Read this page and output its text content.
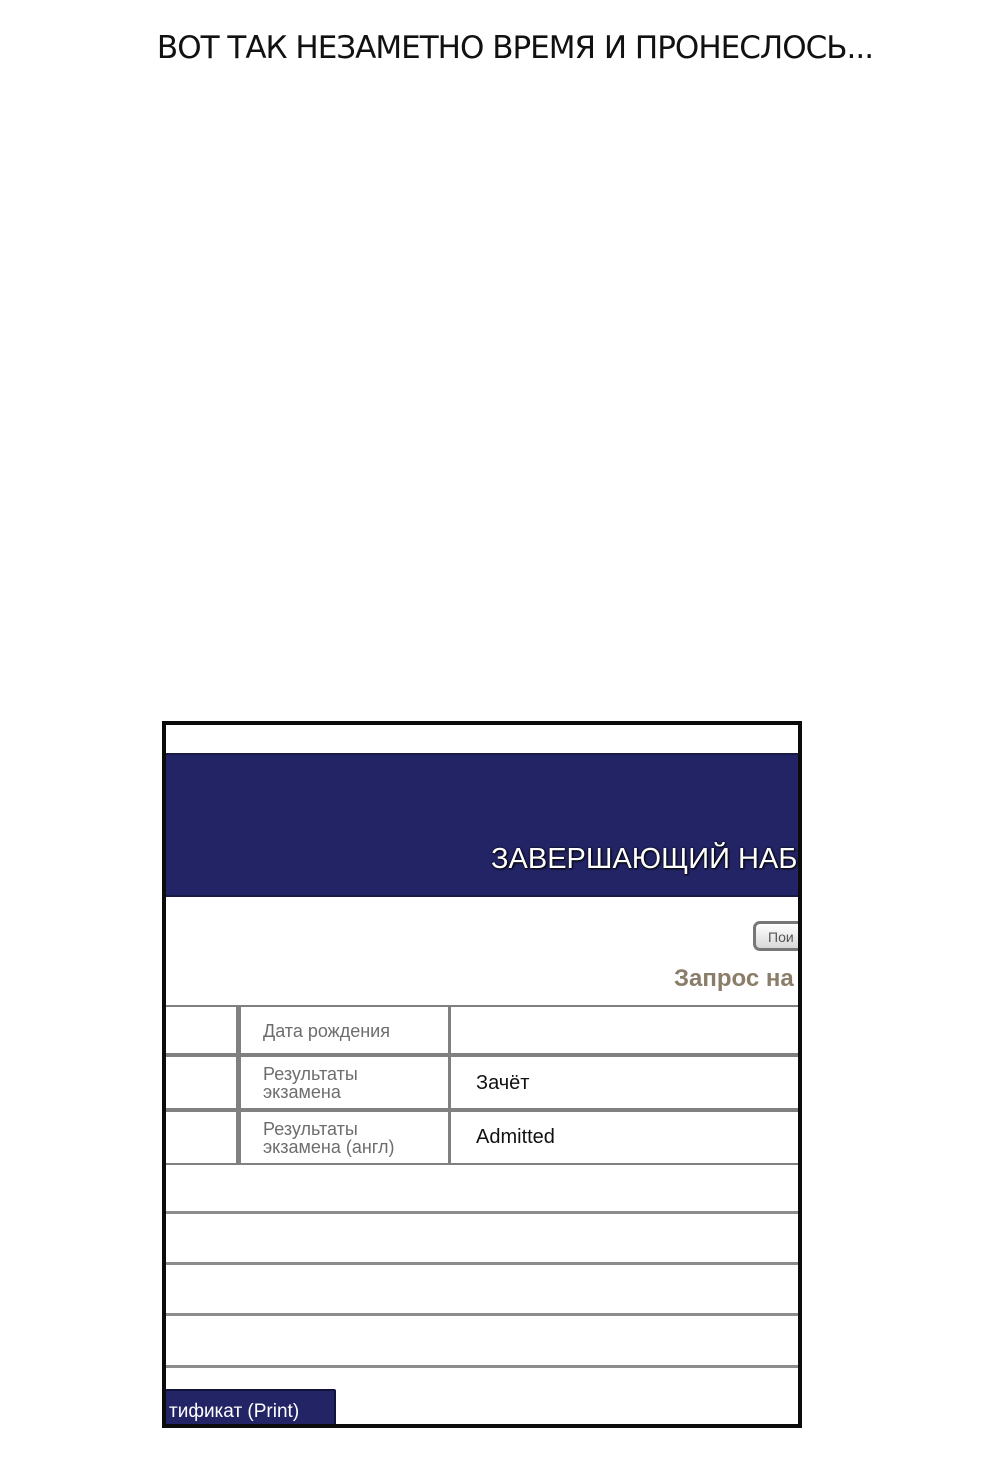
ВОТ ТАК НЕЗАМЕТНО ВРЕМЯ И ПРОНЕСЛОСЬ...
ЗАВЕРШАЮЩИЙ НАБ
Пои
Запрос на
Дата рождения
Результаты экзамена	Зачёт
Результаты экзамена (англ)	Admitted
тификат (Print)
